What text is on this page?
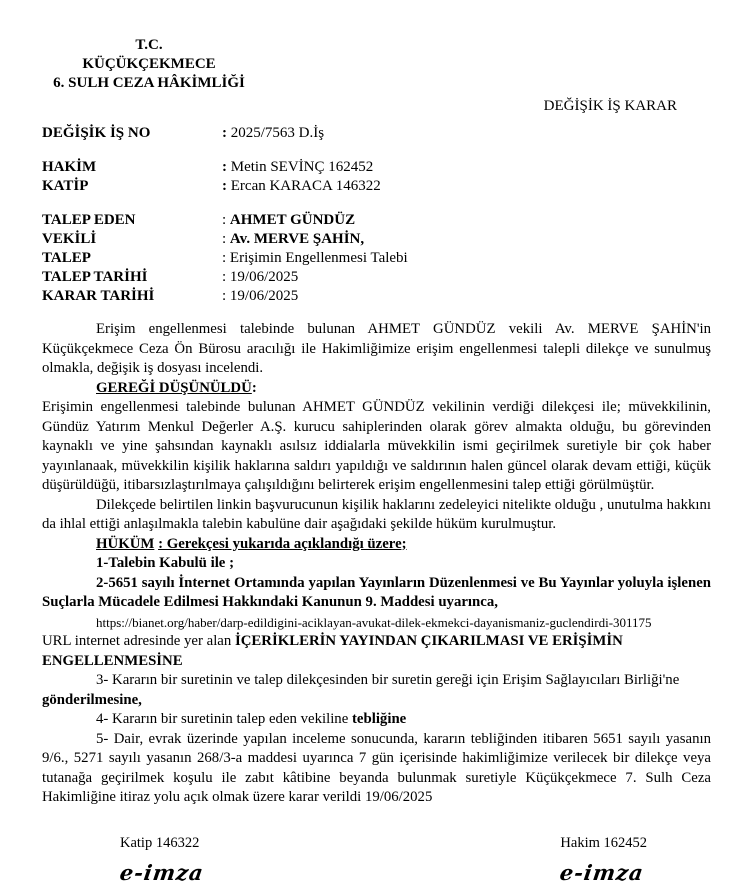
T.C.
KÜÇÜKÇEKMECE
6. SULH CEZA HÂKİMLİĞİ
DEĞİŞİK İŞ KARAR
DEĞİŞİK İŞ NO	: 2025/7563 D.İş
HAKİM	: Metin SEVİNÇ 162452
KATİP	: Ercan KARACA 146322
TALEP EDEN	: AHMET GÜNDÜZ
VEKİLİ	: Av. MERVE ŞAHİN,
TALEP	: Erişimin Engellenmesi Talebi
TALEP TARİHİ	: 19/06/2025
KARAR TARİHİ	: 19/06/2025

Erişim engellenmesi talebinde bulunan AHMET GÜNDÜZ vekili Av. MERVE ŞAHİN'in Küçükçekmece Ceza Ön Bürosu aracılığı ile Hakimliğimize erişim engellenmesi talepli dilekçe ve sunulmuş olmakla, değişik iş dosyası incelendi.

GEREĞİ DÜŞÜNÜLDÜ:

Erişimin engellenmesi talebinde bulunan AHMET GÜNDÜZ vekilinin verdiği dilekçesi ile; müvekkilinin, Gündüz Yatırım Menkul Değerler A.Ş. kurucu sahiplerinden olarak görev almakta olduğu, bu görevinden kaynaklı ve yine şahsından kaynaklı asılsız iddialarla müvekkilin ismi geçirilmek suretiyle bir çok haber yayınlanaak, müvekkilin kişilik haklarına saldırı yapıldığı ve saldırının halen güncel olarak devam ettiği, küçük düşürüldüğü, itibarsızlaştırılmaya çalışıldığını belirterek erişim engellenmesini talep ettiği görülmüştür.

Dilekçede belirtilen linkin başvurucunun kişilik haklarını zedeleyici nitelikte olduğu , unutulma hakkını da ihlal ettiği anlaşılmakla talebin kabulüne dair aşağıdaki şekilde hüküm kurulmuştur.

HÜKÜM : Gerekçesi yukarıda açıklandığı üzere;

1-Talebin Kabulü ile ;

2-5651 sayılı İnternet Ortamında yapılan Yayınların Düzenlenmesi ve Bu Yayınlar yoluyla işlenen Suçlarla Mücadele Edilmesi Hakkındaki Kanunun 9. Maddesi uyarınca,

https://bianet.org/haber/darp-edildigini-aciklayan-avukat-dilek-ekmekci-dayanismaniz-guclendirdi-301175

URL internet adresinde yer alan İÇERİKLERİN YAYINDAN ÇIKARILMASI VE ERİŞİMİN ENGELLENMESİNE

3- Kararın bir suretinin ve talep dilekçesinden bir suretin gereği için Erişim Sağlayıcıları Birliği'ne gönderilmesine,

4- Kararın bir suretinin talep eden vekiline tebliğine

5- Dair, evrak üzerinde yapılan inceleme sonucunda, kararın tebliğinden itibaren 5651 sayılı yasanın 9/6., 5271 sayılı yasanın 268/3-a maddesi uyarınca 7 gün içerisinde hakimliğimize verilecek bir dilekçe veya tutanağa geçirilmek koşulu ile zabıt kâtibine beyanda bulunmak suretiyle Küçükçekmece 7. Sulh Ceza Hakimliğine itiraz yolu açık olmak üzere karar verildi 19/06/2025

Katip 146322
e-imza
Hakim 162452
e-imza
